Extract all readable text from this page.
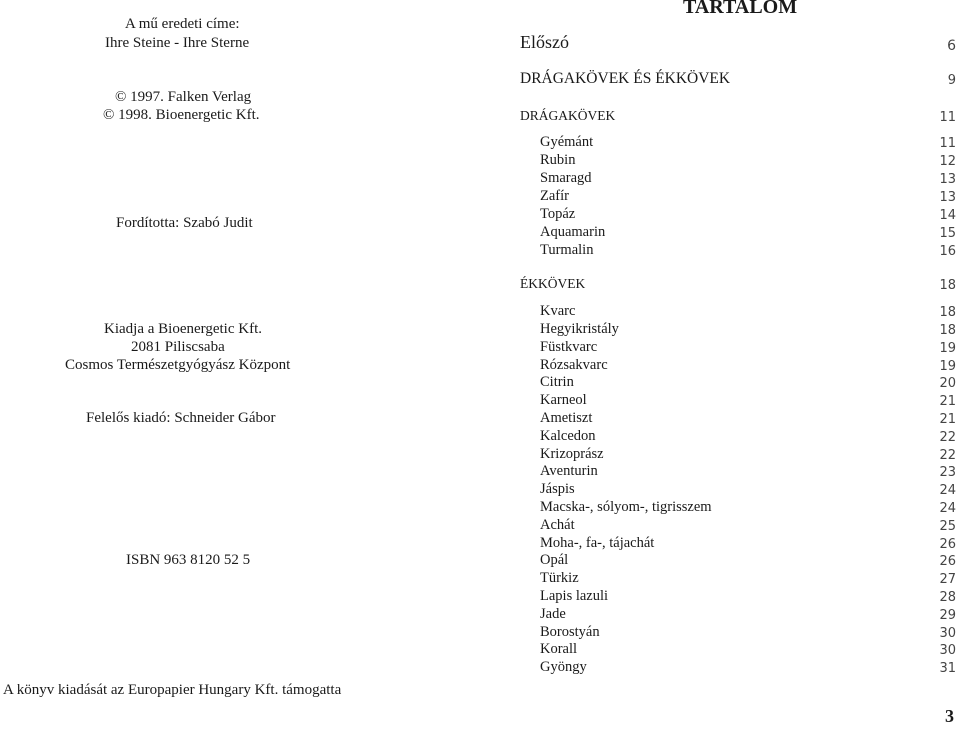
A mű eredeti címe:
Ihre Steine - Ihre Sterne
© 1997. Falken Verlag
© 1998. Bioenergetic Kft.
Fordította: Szabó Judit
Kiadja a Bioenergetic Kft.
2081 Piliscsaba
Cosmos Természetgyógyász Központ
Felelős kiadó: Schneider Gábor
ISBN 963 8120 52 5
A könyv kiadását az Europapier Hungary Kft. támogatta
TARTALOM
Előszó	6
DRÁGAKÖVEK ÉS ÉKKÖVEK	9
DRÁGAKÖVEK	11
Gyémánt	11
Rubin	12
Smaragd	13
Zafír	13
Topáz	14
Aquamarin	15
Turmalin	16
ÉKKÖVEK	18
Kvarc	18
Hegyikristály	18
Füstkvarc	19
Rózsakvarc	19
Citrin	20
Karneol	21
Ametiszt	21
Kalcedon	22
Krizoprász	22
Aventurin	23
Jáspis	24
Macska-, sólyom-, tigrisszem	24
Achát	25
Moha-, fa-, tájachát	26
Opál	26
Türkiz	27
Lapis lazuli	28
Jade	29
Borostyán	30
Korall	30
Gyöngy	31
3
